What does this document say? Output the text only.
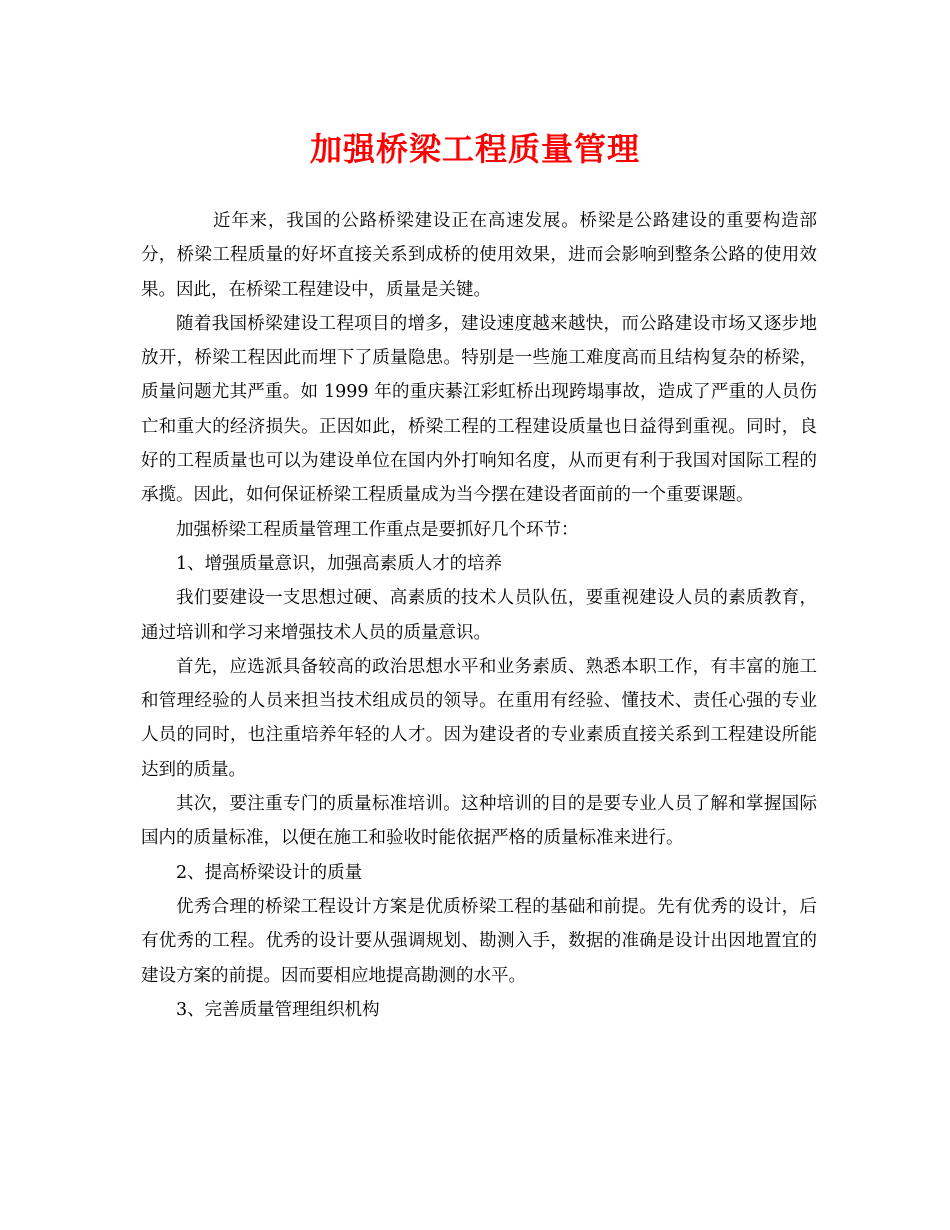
加强桥梁工程质量管理

近年来，我国的公路桥梁建设正在高速发展。桥梁是公路建设的重要构造部分，桥梁工程质量的好坏直接关系到成桥的使用效果，进而会影响到整条公路的使用效果。因此，在桥梁工程建设中，质量是关键。

随着我国桥梁建设工程项目的增多，建设速度越来越快，而公路建设市场又逐步地放开，桥梁工程因此而埋下了质量隐患。特别是一些施工难度高而且结构复杂的桥梁，质量问题尤其严重。如 1999 年的重庆綦江彩虹桥出现跨塌事故，造成了严重的人员伤亡和重大的经济损失。正因如此，桥梁工程的工程建设质量也日益得到重视。同时，良好的工程质量也可以为建设单位在国内外打响知名度，从而更有利于我国对国际工程的承揽。因此，如何保证桥梁工程质量成为当今摆在建设者面前的一个重要课题。

加强桥梁工程质量管理工作重点是要抓好几个环节：

1、增强质量意识，加强高素质人才的培养

我们要建设一支思想过硬、高素质的技术人员队伍，要重视建设人员的素质教育，通过培训和学习来增强技术人员的质量意识。

首先，应选派具备较高的政治思想水平和业务素质、熟悉本职工作，有丰富的施工和管理经验的人员来担当技术组成员的领导。在重用有经验、懂技术、责任心强的专业人员的同时，也注重培养年轻的人才。因为建设者的专业素质直接关系到工程建设所能达到的质量。

其次，要注重专门的质量标准培训。这种培训的目的是要专业人员了解和掌握国际国内的质量标准，以便在施工和验收时能依据严格的质量标准来进行。

2、提高桥梁设计的质量

优秀合理的桥梁工程设计方案是优质桥梁工程的基础和前提。先有优秀的设计，后有优秀的工程。优秀的设计要从强调规划、勘测入手，数据的准确是设计出因地置宜的建设方案的前提。因而要相应地提高勘测的水平。

3、完善质量管理组织机构
